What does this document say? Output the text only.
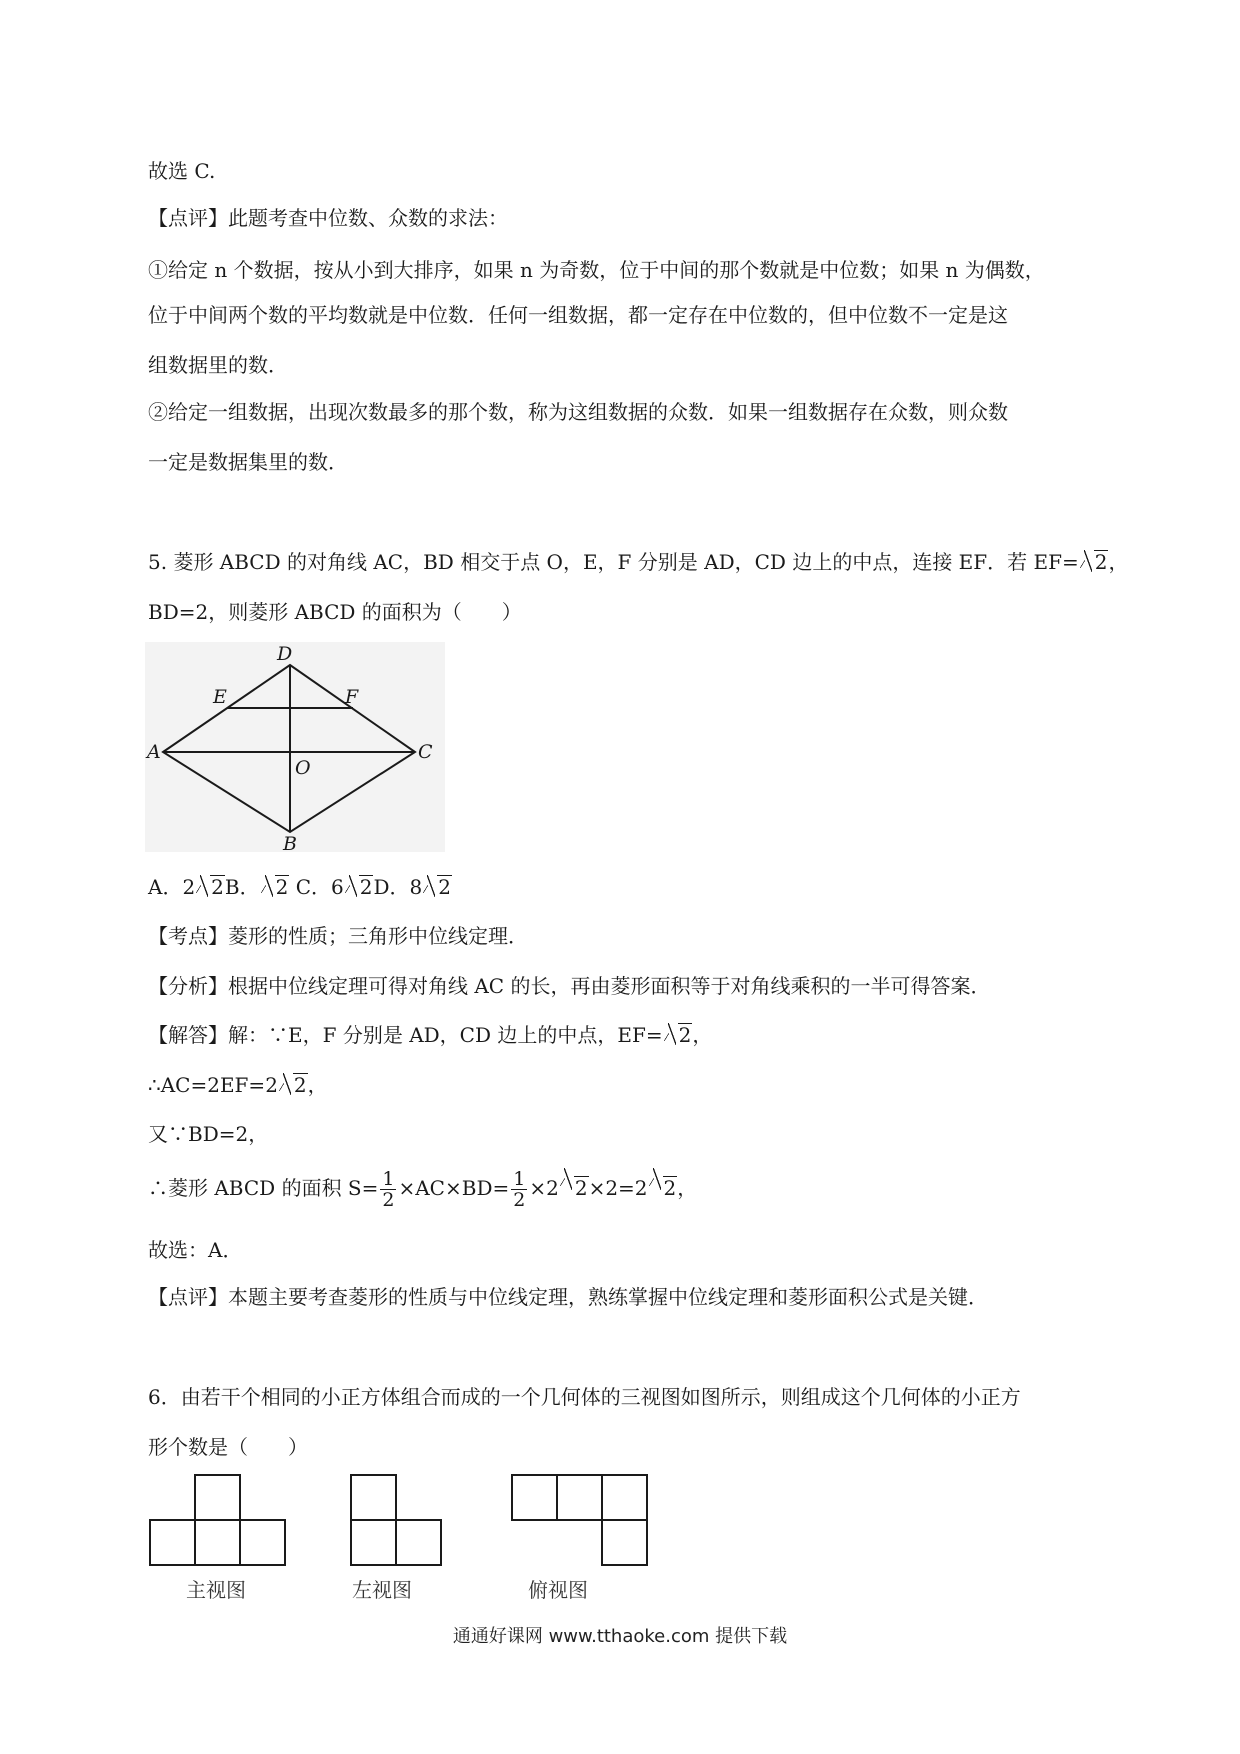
故选 C.
【点评】此题考查中位数、众数的求法：
①给定 n 个数据，按从小到大排序，如果 n 为奇数，位于中间的那个数就是中位数；如果 n 为偶数，
位于中间两个数的平均数就是中位数．任何一组数据，都一定存在中位数的，但中位数不一定是这
组数据里的数．
②给定一组数据，出现次数最多的那个数，称为这组数据的众数．如果一组数据存在众数，则众数
一定是数据集里的数．
5. 菱形 ABCD 的对角线 AC，BD 相交于点 O，E，F 分别是 AD，CD 边上的中点，连接 EF．若 EF= 2，
BD=2，则菱形 ABCD 的面积为（　　）
D
E	F
A
O
C
B
A．2 2B． 2 C．6 2D．8 2
【考点】菱形的性质；三角形中位线定理．
【分析】根据中位线定理可得对角线 AC 的长，再由菱形面积等于对角线乘积的一半可得答案．
【解答】解：∵E，F 分别是 AD，CD 边上的中点，EF= 2，
∴AC=2EF=2 2，
又∵BD=2，
∴菱形 ABCD 的面积 $S= \frac{1}{2} \times AC\times BD= \frac{1}{2} \times 2$ 2×2=2 2，
故选：A．
【点评】本题主要考查菱形的性质与中位线定理，熟练掌握中位线定理和菱形面积公式是关键．
6．由若干个相同的小正方体组合而成的一个几何体的三视图如图所示，则组成这个几何体的小正方
形个数是（　　）
主视图	左视图	俯视图
通通好课网 www.tthaoke.com 提供下载
